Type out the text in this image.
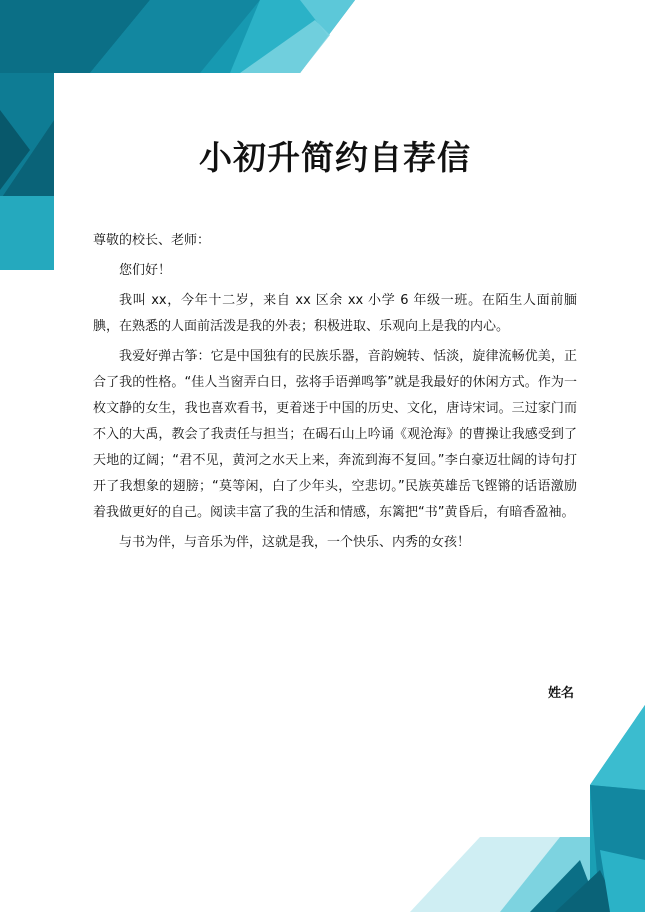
小初升简约自荐信

尊敬的校长、老师：

您们好！

我叫 xx，今年十二岁，来自 xx 区余 xx 小学 6 年级一班。在陌生人面前腼腆，在熟悉的人面前活泼是我的外表；积极进取、乐观向上是我的内心。

我爱好弹古筝：它是中国独有的民族乐器，音韵婉转、恬淡，旋律流畅优美，正合了我的性格。“佳人当窗弄白日，弦将手语弹鸣筝”就是我最好的休闲方式。作为一枚文静的女生，我也喜欢看书，更着迷于中国的历史、文化，唐诗宋词。三过家门而不入的大禹，教会了我责任与担当；在碣石山上吟诵《观沧海》的曹操让我感受到了天地的辽阔；“君不见，黄河之水天上来，奔流到海不复回。”李白豪迈壮阔的诗句打开了我想象的翅膀；“莫等闲，白了少年头，空悲切。”民族英雄岳飞铿锵的话语激励着我做更好的自己。阅读丰富了我的生活和情感，东篱把“书”黄昏后，有暗香盈袖。

与书为伴，与音乐为伴，这就是我，一个快乐、内秀的女孩！

姓名
